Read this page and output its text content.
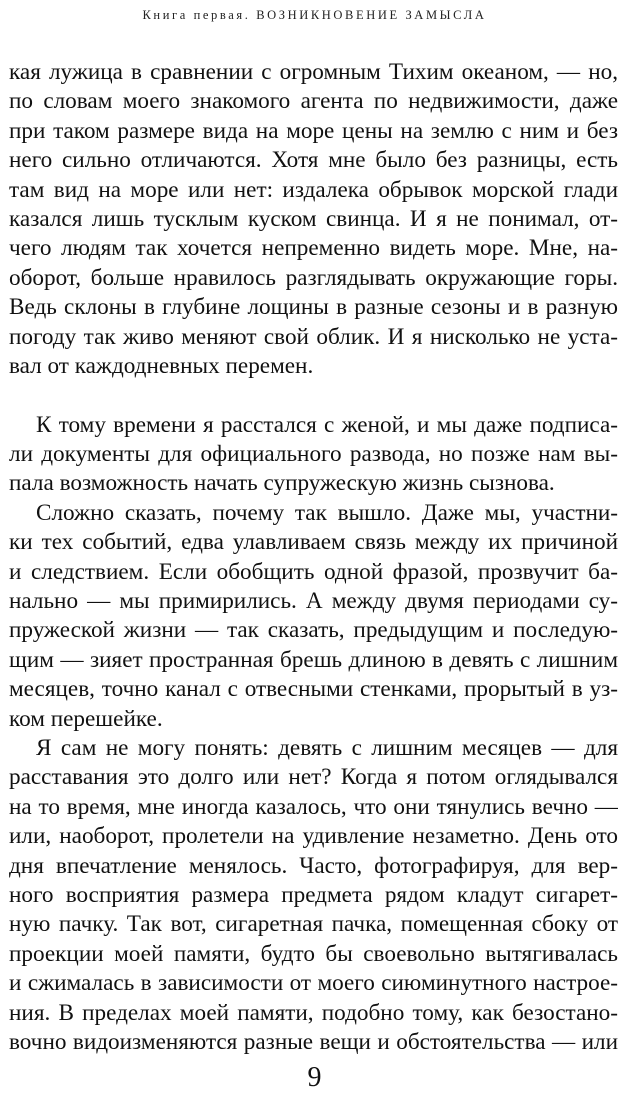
Книга первая. ВОЗНИКНОВЕНИЕ ЗАМЫСЛА
кая лужица в сравнении с огромным Тихим океаном, — но,
по словам моего знакомого агента по недвижимости, даже
при таком размере вида на море цены на землю с ним и без
него сильно отличаются. Хотя мне было без разницы, есть
там вид на море или нет: издалека обрывок морской глади
казался лишь тусклым куском свинца. И я не понимал, от-
чего людям так хочется непременно видеть море. Мне, на-
оборот, больше нравилось разглядывать окружающие горы.
Ведь склоны в глубине лощины в разные сезоны и в разную
погоду так живо меняют свой облик. И я нисколько не уста-
вал от каждодневных перемен.
К тому времени я расстался с женой, и мы даже подписа-
ли документы для официального развода, но позже нам вы-
пала возможность начать супружескую жизнь сызнова.
Сложно сказать, почему так вышло. Даже мы, участни-
ки тех событий, едва улавливаем связь между их причиной
и следствием. Если обобщить одной фразой, прозвучит ба-
нально — мы примирились. А между двумя периодами су-
пружеской жизни — так сказать, предыдущим и последую-
щим — зияет пространная брешь длиною в девять с лишним
месяцев, точно канал с отвесными стенками, прорытый в уз-
ком перешейке.
Я сам не могу понять: девять с лишним месяцев — для
расставания это долго или нет? Когда я потом оглядывался
на то время, мне иногда казалось, что они тянулись вечно —
или, наоборот, пролетели на удивление незаметно. День ото
дня впечатление менялось. Часто, фотографируя, для вер-
ного восприятия размера предмета рядом кладут сигарет-
ную пачку. Так вот, сигаретная пачка, помещенная сбоку от
проекции моей памяти, будто бы своевольно вытягивалась
и сжималась в зависимости от моего сиюминутного настрое-
ния. В пределах моей памяти, подобно тому, как безостано-
вочно видоизменяются разные вещи и обстоятельства — или
9
